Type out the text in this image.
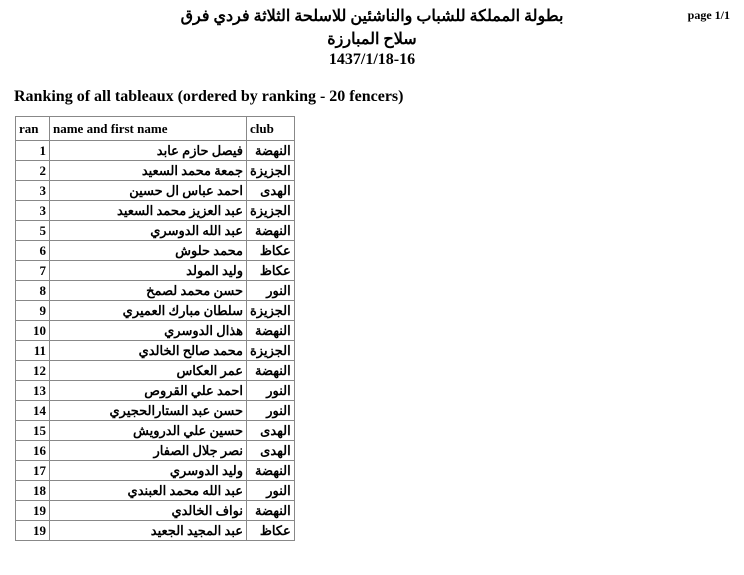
بطولة المملكة للشباب والناشئين للاسلحة الثلاثة فردي فرق
سلاح المبارزة
1437/1/18-16
page 1/1
Ranking of all tableaux (ordered by ranking - 20 fencers)
ran	name and first name	club
1	فيصل حازم عابد	النهضة
2	جمعة محمد السعيد	الجزيزة
3	احمد عباس ال حسين	الهدى
3	عبد العزيز محمد السعيد	الجزيزة
5	عبد الله الدوسري	النهضة
6	محمد حلوش	عكاظ
7	وليد المولد	عكاظ
8	حسن محمد لصمخ	النور
9	سلطان مبارك العميري	الجزيزة
10	هذال الدوسري	النهضة
11	محمد صالح الخالدي	الجزيزة
12	عمر العكاس	النهضة
13	احمد علي القروص	النور
14	حسن عبد الستارالحجيري	النور
15	حسين علي الدرويش	الهدى
16	نصر جلال الصفار	الهدى
17	وليد الدوسري	النهضة
18	عبد الله محمد العبندي	النور
19	نواف الخالدي	النهضة
19	عبد المجيد الجعيد	عكاظ
